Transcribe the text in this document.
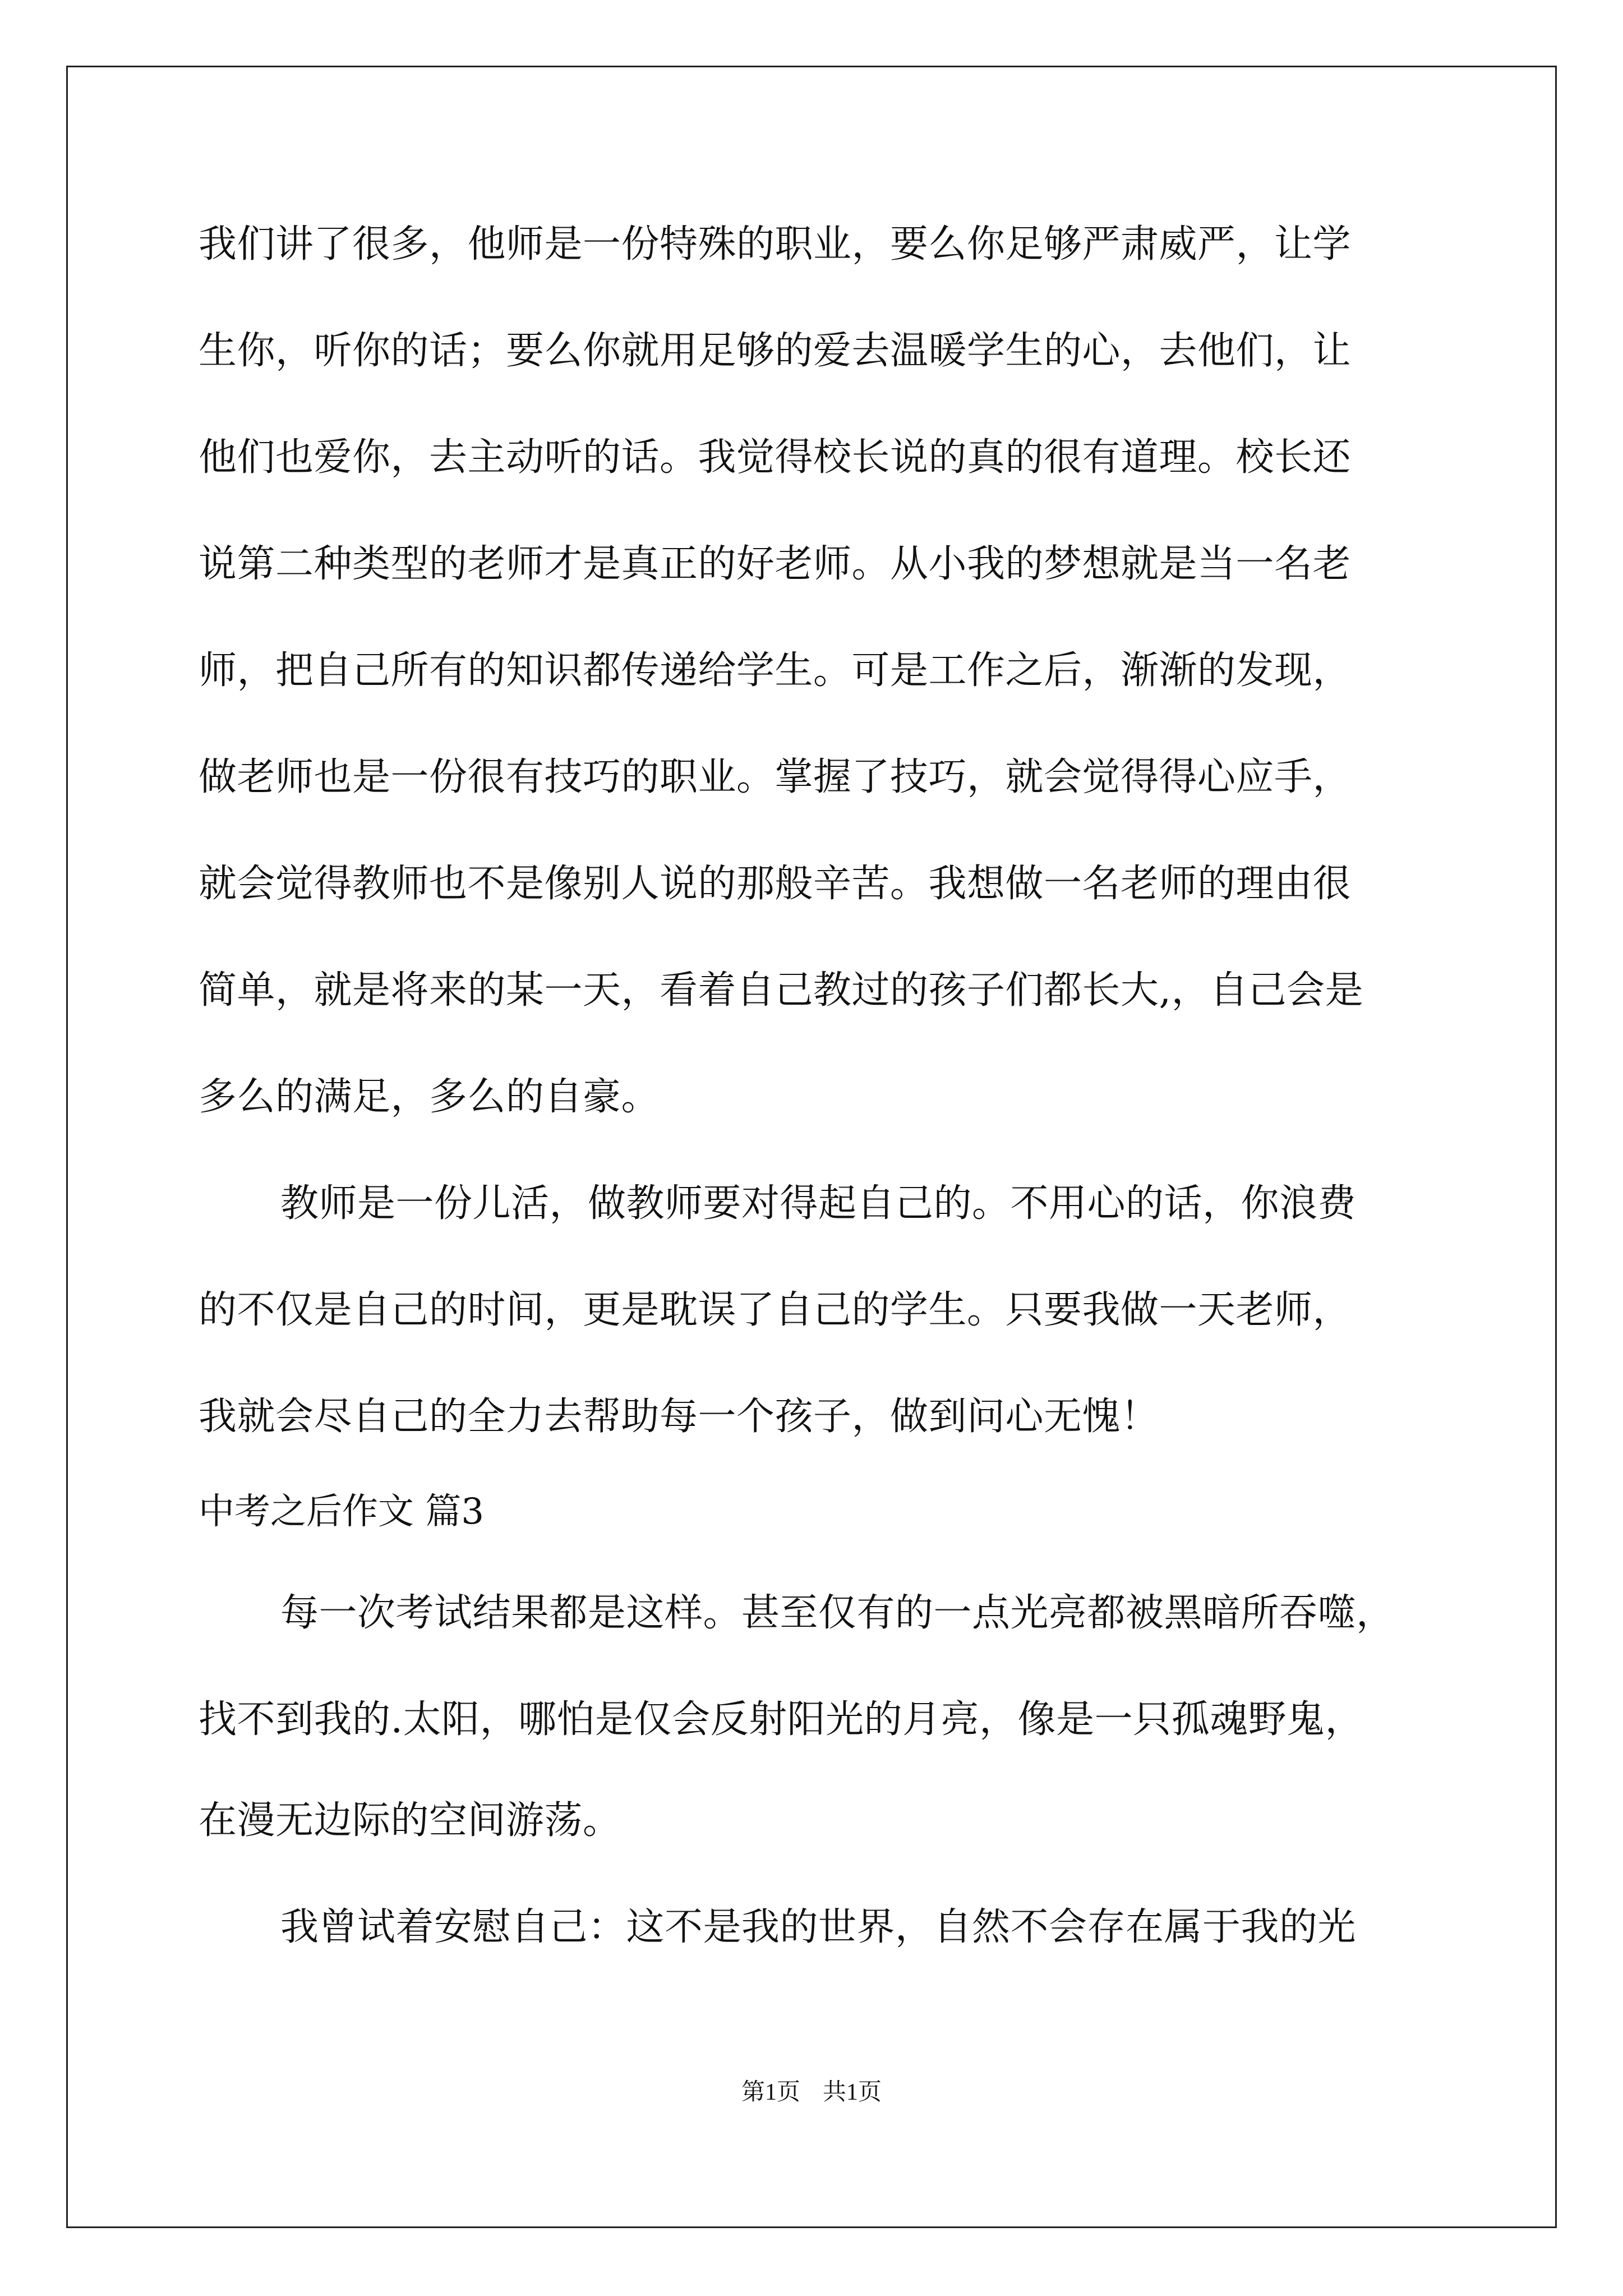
我们讲了很多，他师是一份特殊的职业，要么你足够严肃威严，让学
生你，听你的话；要么你就用足够的爱去温暖学生的心，去他们，让
他们也爱你，去主动听的话。我觉得校长说的真的很有道理。校长还
说第二种类型的老师才是真正的好老师。从小我的梦想就是当一名老
师，把自己所有的知识都传递给学生。可是工作之后，渐渐的发现，
做老师也是一份很有技巧的职业。掌握了技巧，就会觉得得心应手，
就会觉得教师也不是像别人说的那般辛苦。我想做一名老师的理由很
简单，就是将来的某一天，看着自己教过的孩子们都长大,，自己会是
多么的满足，多么的自豪。
教师是一份儿活，做教师要对得起自己的。不用心的话，你浪费
的不仅是自己的时间，更是耽误了自己的学生。只要我做一天老师，
我就会尽自己的全力去帮助每一个孩子，做到问心无愧！
中考之后作文 篇3
每一次考试结果都是这样。甚至仅有的一点光亮都被黑暗所吞噬，
找不到我的.太阳，哪怕是仅会反射阳光的月亮，像是一只孤魂野鬼，
在漫无边际的空间游荡。
我曾试着安慰自己：这不是我的世界，自然不会存在属于我的光
第1页 共1页
